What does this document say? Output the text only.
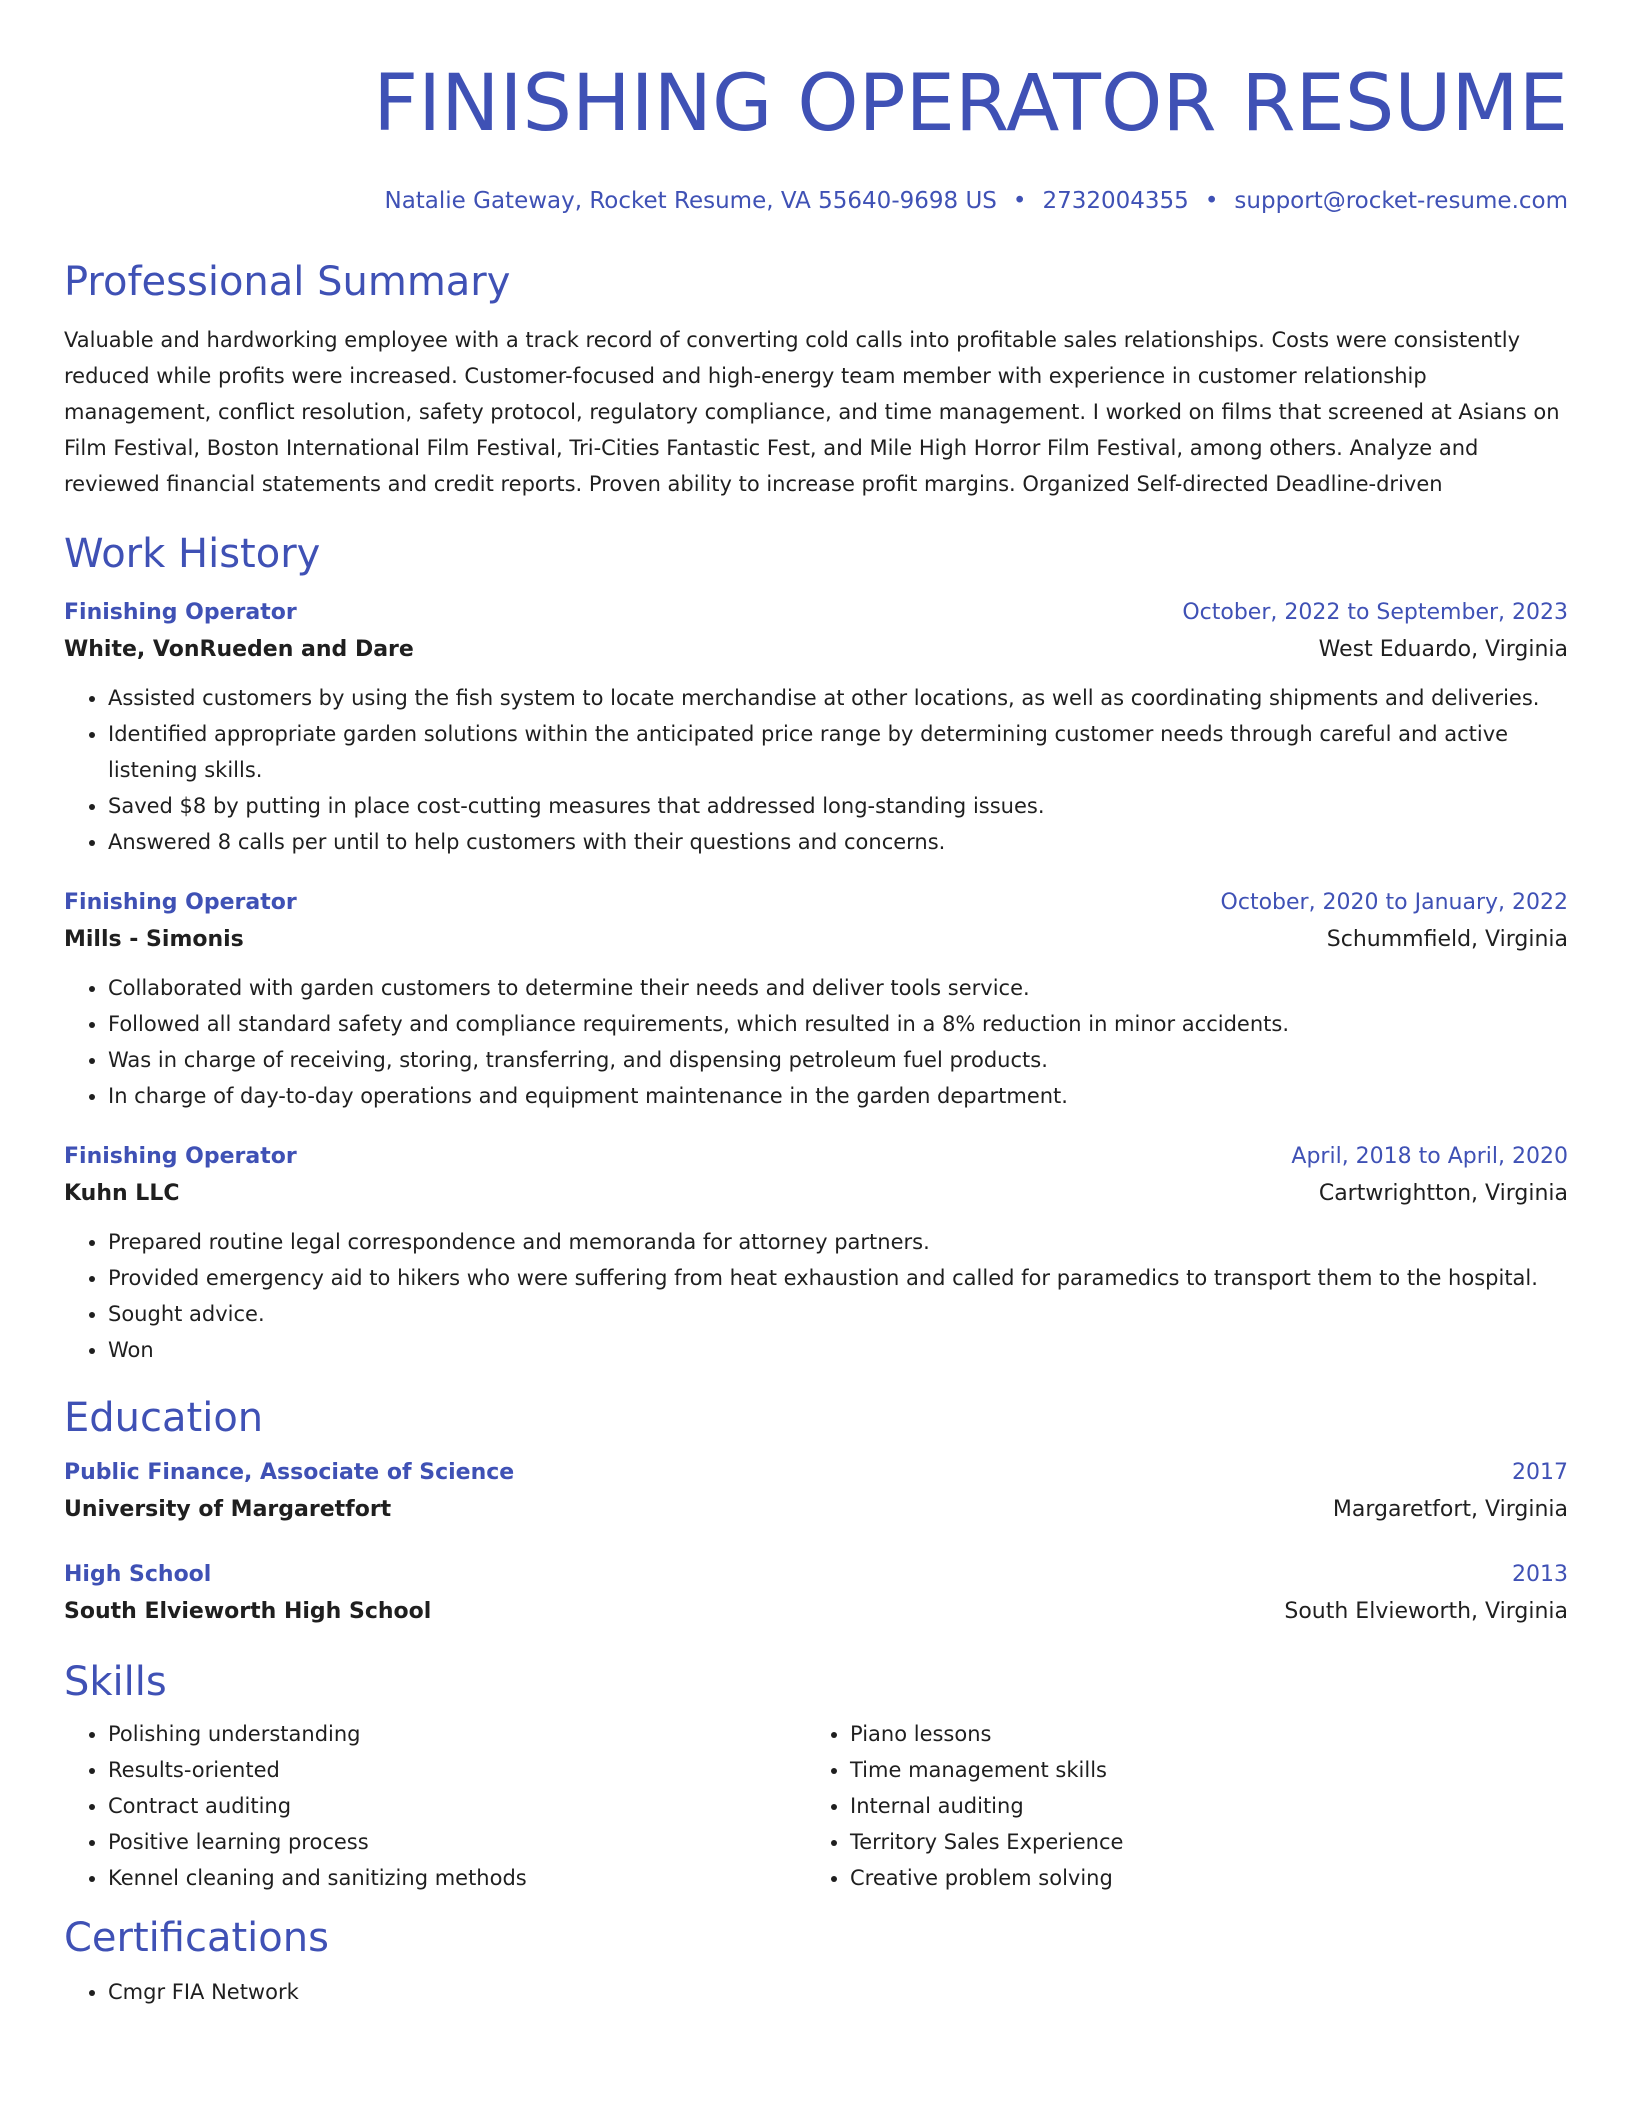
FINISHING OPERATOR RESUME
Natalie Gateway, Rocket Resume, VA 55640-9698 US • 2732004355 • support@rocket-resume.com
Professional Summary
Valuable and hardworking employee with a track record of converting cold calls into profitable sales relationships. Costs were consistently reduced while profits were increased. Customer-focused and high-energy team member with experience in customer relationship management, conflict resolution, safety protocol, regulatory compliance, and time management. I worked on films that screened at Asians on Film Festival, Boston International Film Festival, Tri-Cities Fantastic Fest, and Mile High Horror Film Festival, among others. Analyze and reviewed financial statements and credit reports. Proven ability to increase profit margins. Organized Self-directed Deadline-driven
Work History
Finishing Operator	October, 2022 to September, 2023
White, VonRueden and Dare	West Eduardo, Virginia
• Assisted customers by using the fish system to locate merchandise at other locations, as well as coordinating shipments and deliveries.
• Identified appropriate garden solutions within the anticipated price range by determining customer needs through careful and active listening skills.
• Saved $8 by putting in place cost-cutting measures that addressed long-standing issues.
• Answered 8 calls per until to help customers with their questions and concerns.
Finishing Operator	October, 2020 to January, 2022
Mills - Simonis	Schummfield, Virginia
• Collaborated with garden customers to determine their needs and deliver tools service.
• Followed all standard safety and compliance requirements, which resulted in a 8% reduction in minor accidents.
• Was in charge of receiving, storing, transferring, and dispensing petroleum fuel products.
• In charge of day-to-day operations and equipment maintenance in the garden department.
Finishing Operator	April, 2018 to April, 2020
Kuhn LLC	Cartwrightton, Virginia
• Prepared routine legal correspondence and memoranda for attorney partners.
• Provided emergency aid to hikers who were suffering from heat exhaustion and called for paramedics to transport them to the hospital.
• Sought advice.
• Won
Education
Public Finance, Associate of Science	2017
University of Margaretfort	Margaretfort, Virginia
High School	2013
South Elvieworth High School	South Elvieworth, Virginia
Skills
• Polishing understanding
• Results-oriented
• Contract auditing
• Positive learning process
• Kennel cleaning and sanitizing methods
• Piano lessons
• Time management skills
• Internal auditing
• Territory Sales Experience
• Creative problem solving
Certifications
• Cmgr FIA Network
